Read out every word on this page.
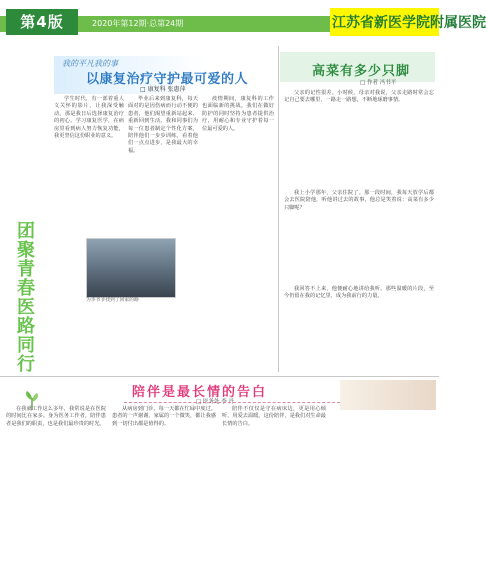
第4版	2020年第12期·总第24期	江苏省新医学院附属医院
我的平凡我的事
以康复治疗守护最可爱的人
□ 康复科 张惠萍

学生时代，有一部着重人文关怀的影片，让我深受触动，那是我日后选择康复治疗的初心。学习康复医学，在病房里看到病人努力恢复功能，我更坚信这份职业的意义。

毕业后来到康复科，每天面对的是因伤病而行动不便的患者，他们渴望重新站起来、重新回到生活。我和同事们为每一位患者制定个性化方案，陪伴他们一步步训练，看着他们一点点进步，是我最大的幸福。

疫情期间，康复科的工作也面临新的挑战。我们在做好防护的同时坚持为患者提供治疗，用耐心和专业守护着每一位最可爱的人。

团
聚
青
春
医
路
同
行
为李爷爷找到了回家的路
高菜有多少只脚
□ 作者 冯书平

父亲的记性很差。小时候，母亲对我说，父亲走路时常会忘记自己要去哪里，一路走一路想，不断地琢磨事情。

我上小学那年，父亲住院了。那一段时间，我每天放学后都会去医院陪他，听他讲过去的故事，他总是笑着说：高菜有多少只脚呢？

我回答不上来，他便耐心地讲给我听。那些温暖的片段，至今仍留在我的记忆里，成为我前行的力量。

陪伴是最长情的告白
□ 医务处 李 丹

在我就工作这么多年，我常说是在医院的时间比在家多。身为医务工作者，陪伴患者是我们的职责，也是我们最珍贵的时光。

从病房到门诊，每一天都在忙碌中度过。患者的一声谢谢，家属的一个微笑，都让我感到一切付出都是值得的。

陪伴不仅仅是守在病床边，更是用心倾听、用爱去温暖。这份陪伴，是我们对生命最长情的告白。
